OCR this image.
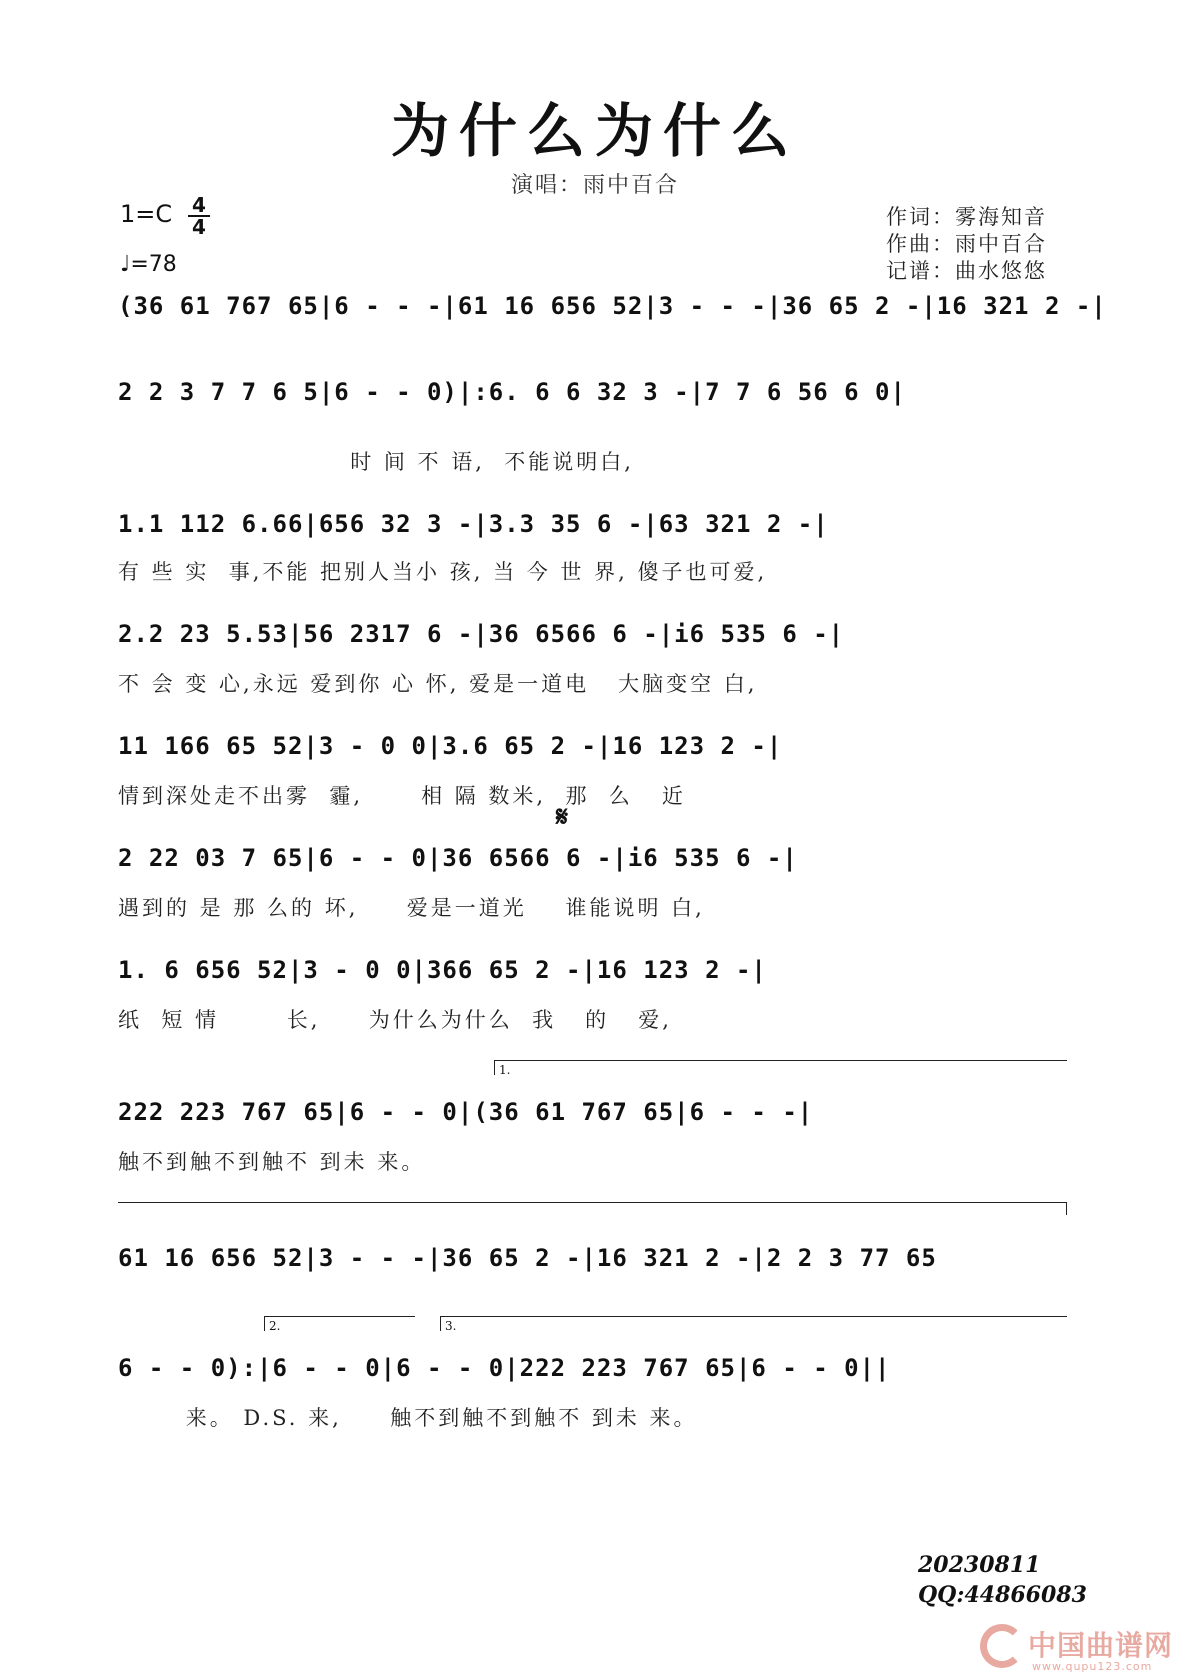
为什么为什么
演唱：雨中百合
1=C 4
4
♩=78
作词：雾海知音
作曲：雨中百合
记谱：曲水悠悠
(36 61 767 65|6 - - -|61 16 656 52|3 - - -|36 65 2 -|16 321 2 -|
2 2 3 7 7 6 5|6 - - 0)|:6. 6 6 32 3 -|7 7 6 56 6 0|
时 间 不 语,  不能说明白,
1.1 112 6.66|656 32 3 -|3.3 35 6 -|63 321 2 -|
有 些 实  事,不能 把别人当小 孩, 当 今 世 界, 傻子也可爱,
2.2 23 5.53|56 2317 6 -|36 6566 6 -|i6 535 6 -|
不 会 变 心,永远 爱到你 心 怀, 爱是一道电   大脑变空 白,
11 166 65 52|3 - 0 0|3.6 65 2 -|16 123 2 -|
情到深处走不出雾  霾,      相 隔 数米,  那  么   近
𝄋
2 22 03 7 65|6 - - 0|36 6566 6 -|i6 535 6 -|
遇到的 是 那 么的 坏,     爱是一道光    谁能说明 白,
1. 6 656 52|3 - 0 0|366 65 2 -|16 123 2 -|
纸  短 情       长,     为什么为什么  我   的   爱,
1.
222 223 767 65|6 - - 0|(36 61 767 65|6 - - -|
触不到触不到触不 到未 来。
61 16 656 52|3 - - -|36 65 2 -|16 321 2 -|2 2 3 77 65
2.	3.
6 - - 0):|6 - - 0|6 - - 0|222 223 767 65|6 - - 0||
来。 D.S. 来,     触不到触不到触不 到未 来。
20230811
QQ:44866083
中国曲谱网
www.qupu123.com
